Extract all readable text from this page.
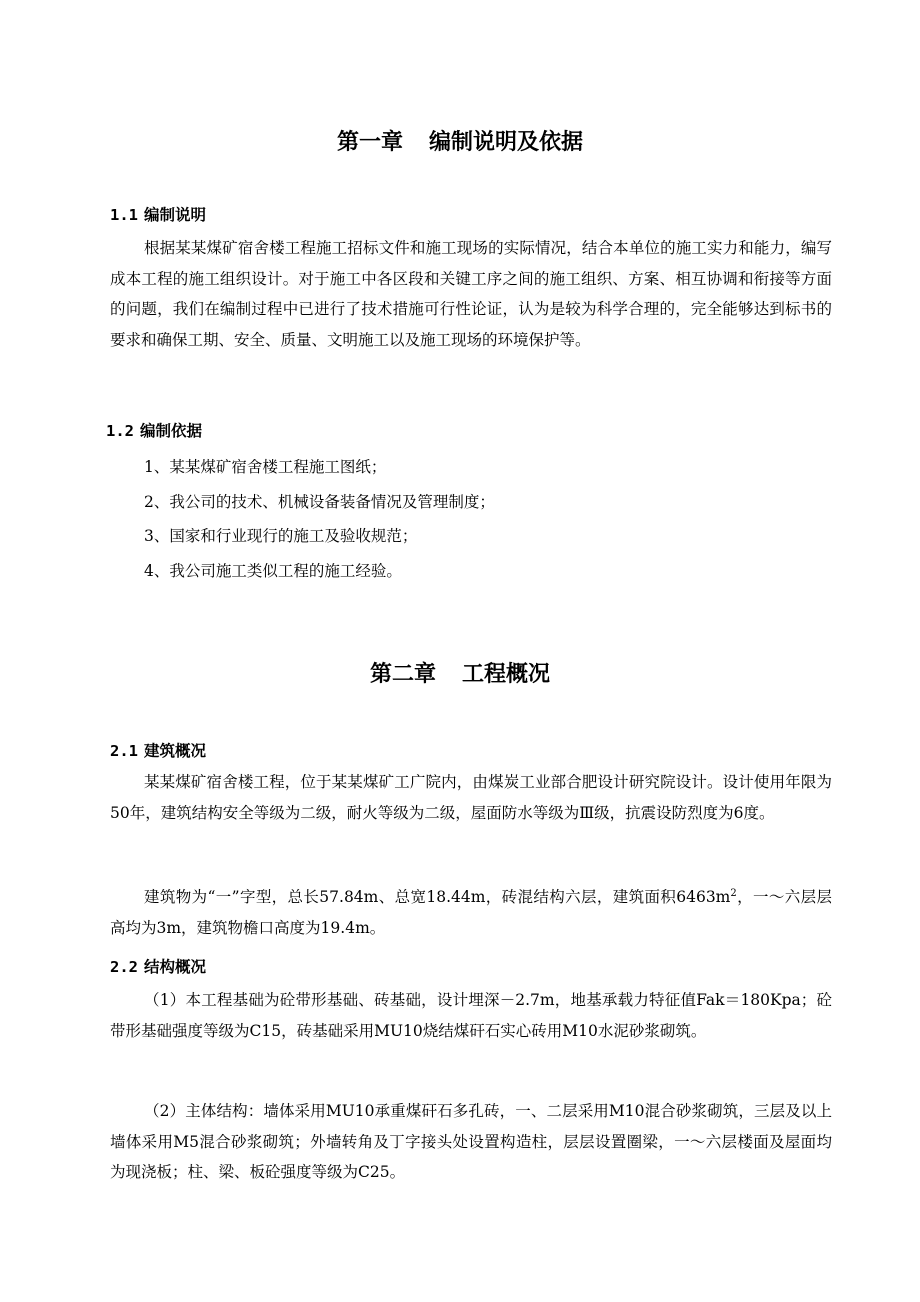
第一章 编制说明及依据
1.1 编制说明

根据某某煤矿宿舍楼工程施工招标文件和施工现场的实际情况，结合本单位的施工实力和能力，编写成本工程的施工组织设计。对于施工中各区段和关键工序之间的施工组织、方案、相互协调和衔接等方面的问题，我们在编制过程中已进行了技术措施可行性论证，认为是较为科学合理的，完全能够达到标书的要求和确保工期、安全、质量、文明施工以及施工现场的环境保护等。

1.2 编制依据
1、某某煤矿宿舍楼工程施工图纸；
2、我公司的技术、机械设备装备情况及管理制度；
3、国家和行业现行的施工及验收规范；
4、我公司施工类似工程的施工经验。
第二章 工程概况
2.1 建筑概况

某某煤矿宿舍楼工程，位于某某煤矿工广院内，由煤炭工业部合肥设计研究院设计。设计使用年限为50年，建筑结构安全等级为二级，耐火等级为二级，屋面防水等级为Ⅲ级，抗震设防烈度为6度。

建筑物为“一”字型，总长57.84m、总宽18.44m，砖混结构六层，建筑面积$6463m^2$，一～六层层高均为3m，建筑物檐口高度为19.4m。

2.2 结构概况

（1）本工程基础为砼带形基础、砖基础，设计埋深－2.7m，地基承载力特征值Fak＝180Kpa；砼带形基础强度等级为C15，砖基础采用MU10烧结煤矸石实心砖用M10水泥砂浆砌筑。

（2）主体结构：墙体采用MU10承重煤矸石多孔砖，一、二层采用M10混合砂浆砌筑，三层及以上墙体采用M5混合砂浆砌筑；外墙转角及丁字接头处设置构造柱，层层设置圈梁，一～六层楼面及屋面均为现浇板；柱、梁、板砼强度等级为C25。
